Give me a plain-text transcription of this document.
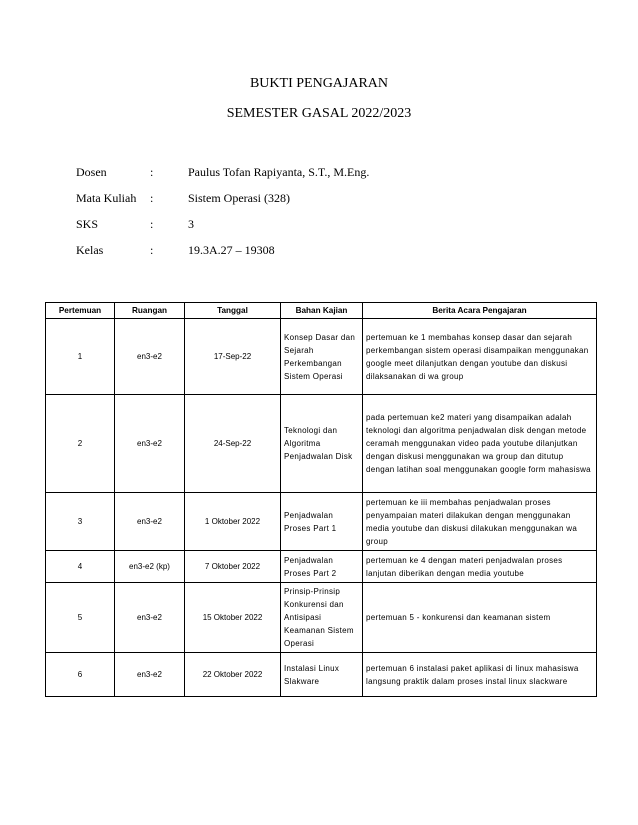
BUKTI PENGAJARAN
SEMESTER GASAL 2022/2023
Dosen	:	Paulus Tofan Rapiyanta, S.T., M.Eng.
Mata Kuliah	:	Sistem Operasi (328)
SKS	:	3
Kelas	:	19.3A.27 – 19308
Pertemuan	Ruangan	Tanggal	Bahan Kajian	Berita Acara Pengajaran
1	en3-e2	17-Sep-22	Konsep Dasar dan Sejarah Perkembangan Sistem Operasi	pertemuan ke 1 membahas konsep dasar dan sejarah perkembangan sistem operasi disampaikan menggunakan google meet dilanjutkan dengan youtube dan diskusi dilaksanakan di wa group
2	en3-e2	24-Sep-22	Teknologi dan Algoritma Penjadwalan Disk	pada pertemuan ke2 materi yang disampaikan adalah teknologi dan algoritma penjadwalan disk dengan metode ceramah menggunakan video pada youtube dilanjutkan dengan diskusi menggunakan wa group dan ditutup dengan latihan soal menggunakan google form mahasiswa
3	en3-e2	1 Oktober 2022	Penjadwalan Proses Part 1	pertemuan ke iii membahas penjadwalan proses penyampaian materi dilakukan dengan menggunakan media youtube dan diskusi dilakukan menggunakan wa group
4	en3-e2 (kp)	7 Oktober 2022	Penjadwalan Proses Part 2	pertemuan ke 4 dengan materi penjadwalan proses lanjutan diberikan dengan media youtube
5	en3-e2	15 Oktober 2022	Prinsip-Prinsip Konkurensi dan Antisipasi Keamanan Sistem Operasi	pertemuan 5 - konkurensi dan keamanan sistem
6	en3-e2	22 Oktober 2022	Instalasi Linux Slakware	pertemuan 6 instalasi paket aplikasi di linux mahasiswa langsung praktik dalam proses instal linux slackware
